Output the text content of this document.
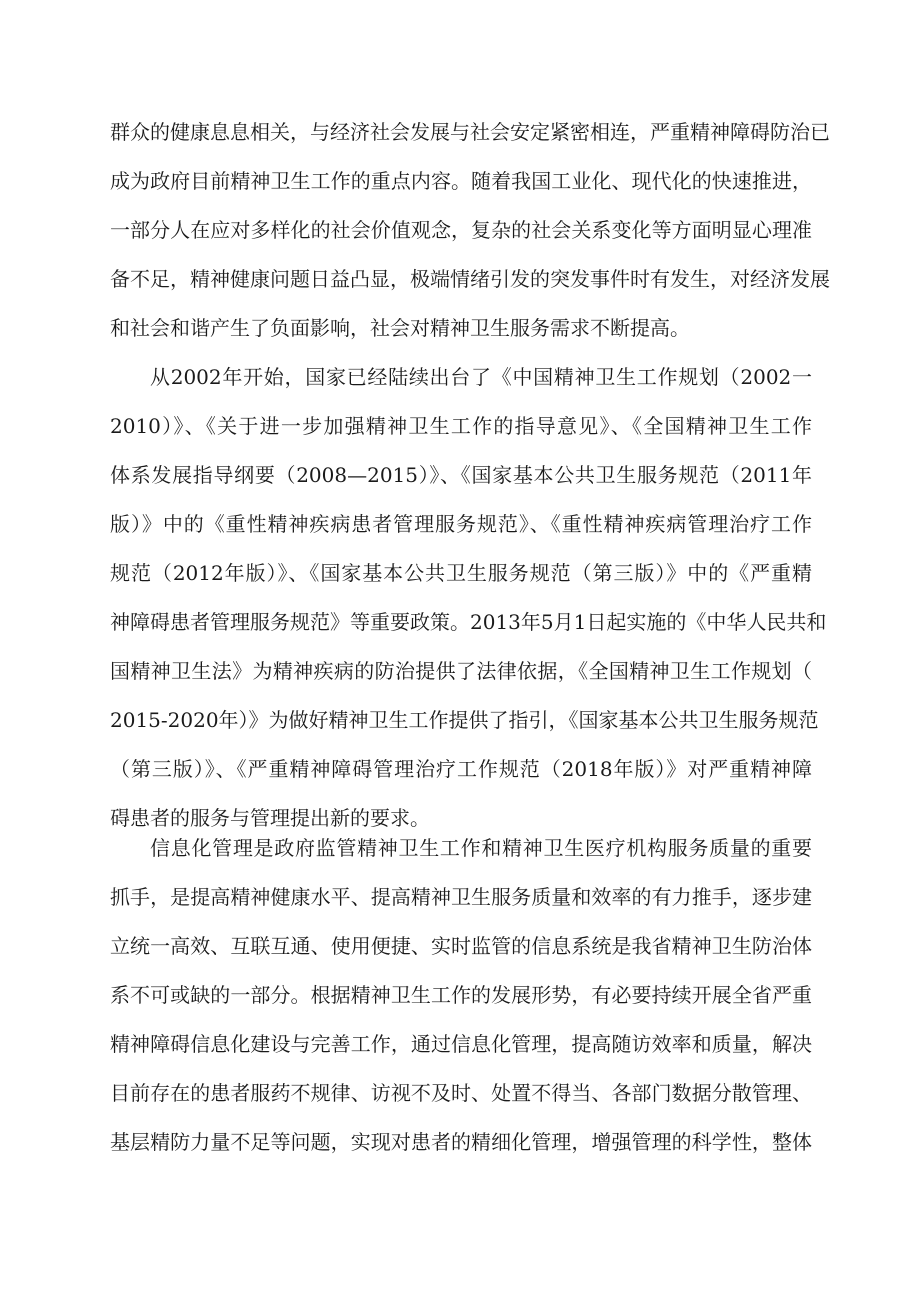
群众的健康息息相关，与经济社会发展与社会安定紧密相连，严重精神障碍防治已
成为政府目前精神卫生工作的重点内容。随着我国工业化、现代化的快速推进，
一部分人在应对多样化的社会价值观念，复杂的社会关系变化等方面明显心理准
备不足，精神健康问题日益凸显，极端情绪引发的突发事件时有发生，对经济发展
和社会和谐产生了负面影响，社会对精神卫生服务需求不断提高。
从2002年开始，国家已经陆续出台了《中国精神卫生工作规划（2002一
2010）》、《关于进一步加强精神卫生工作的指导意见》、《全国精神卫生工作
体系发展指导纲要（2008—2015）》、《国家基本公共卫生服务规范（2011年
版）》中的《重性精神疾病患者管理服务规范》、《重性精神疾病管理治疗工作
规范（2012年版）》、《国家基本公共卫生服务规范（第三版）》中的《严重精
神障碍患者管理服务规范》等重要政策。2013年5月1日起实施的《中华人民共和
国精神卫生法》为精神疾病的防治提供了法律依据，《全国精神卫生工作规划（
2015-2020年）》为做好精神卫生工作提供了指引，《国家基本公共卫生服务规范
（第三版）》、《严重精神障碍管理治疗工作规范（2018年版）》对严重精神障
碍患者的服务与管理提出新的要求。
信息化管理是政府监管精神卫生工作和精神卫生医疗机构服务质量的重要
抓手，是提高精神健康水平、提高精神卫生服务质量和效率的有力推手，逐步建
立统一高效、互联互通、使用便捷、实时监管的信息系统是我省精神卫生防治体
系不可或缺的一部分。根据精神卫生工作的发展形势，有必要持续开展全省严重
精神障碍信息化建设与完善工作，通过信息化管理，提高随访效率和质量，解决
目前存在的患者服药不规律、访视不及时、处置不得当、各部门数据分散管理、
基层精防力量不足等问题，实现对患者的精细化管理，增强管理的科学性，整体
